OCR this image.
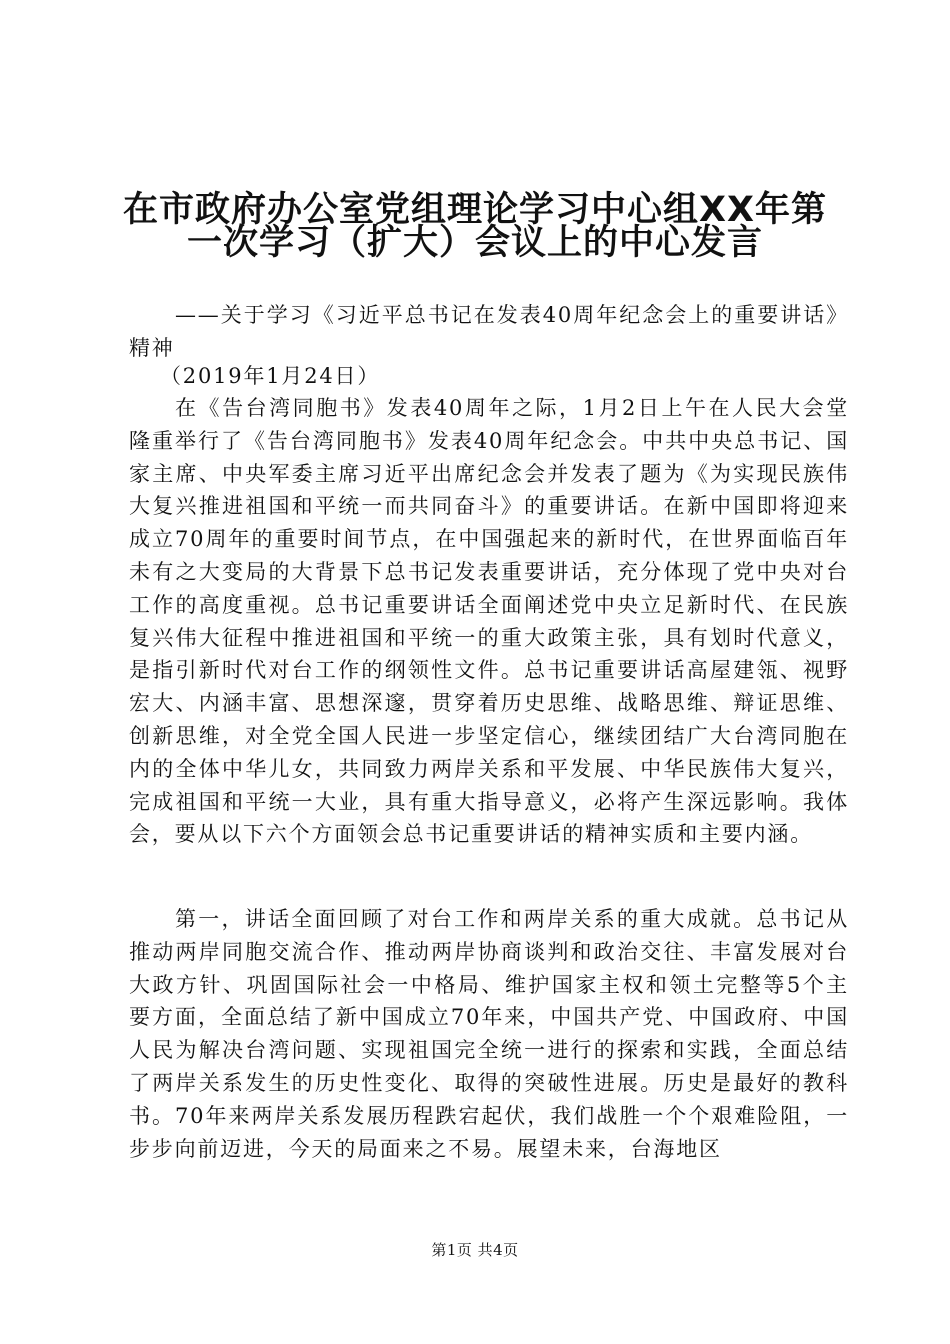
在市政府办公室党组理论学习中心组XX年第
一次学习（扩大）会议上的中心发言
——关于学习《习近平总书记在发表40周年纪念会上的重要讲话》精神
（2019年1月24日）
在《告台湾同胞书》发表40周年之际，1月2日上午在人民大会堂隆重举行了《告台湾同胞书》发表40周年纪念会。中共中央总书记、国家主席、中央军委主席习近平出席纪念会并发表了题为《为实现民族伟大复兴推进祖国和平统一而共同奋斗》的重要讲话。在新中国即将迎来成立70周年的重要时间节点，在中国强起来的新时代，在世界面临百年未有之大变局的大背景下总书记发表重要讲话，充分体现了党中央对台工作的高度重视。总书记重要讲话全面阐述党中央立足新时代、在民族复兴伟大征程中推进祖国和平统一的重大政策主张，具有划时代意义，是指引新时代对台工作的纲领性文件。总书记重要讲话高屋建瓴、视野宏大、内涵丰富、思想深邃，贯穿着历史思维、战略思维、辩证思维、创新思维，对全党全国人民进一步坚定信心，继续团结广大台湾同胞在内的全体中华儿女，共同致力两岸关系和平发展、中华民族伟大复兴，完成祖国和平统一大业，具有重大指导意义，必将产生深远影响。我体会，要从以下六个方面领会总书记重要讲话的精神实质和主要内涵。
第一，讲话全面回顾了对台工作和两岸关系的重大成就。总书记从推动两岸同胞交流合作、推动两岸协商谈判和政治交往、丰富发展对台大政方针、巩固国际社会一中格局、维护国家主权和领土完整等5个主要方面，全面总结了新中国成立70年来，中国共产党、中国政府、中国人民为解决台湾问题、实现祖国完全统一进行的探索和实践，全面总结了两岸关系发生的历史性变化、取得的突破性进展。历史是最好的教科书。70年来两岸关系发展历程跌宕起伏，我们战胜一个个艰难险阻，一步步向前迈进，今天的局面来之不易。展望未来，台海地区
第1页 共4页
